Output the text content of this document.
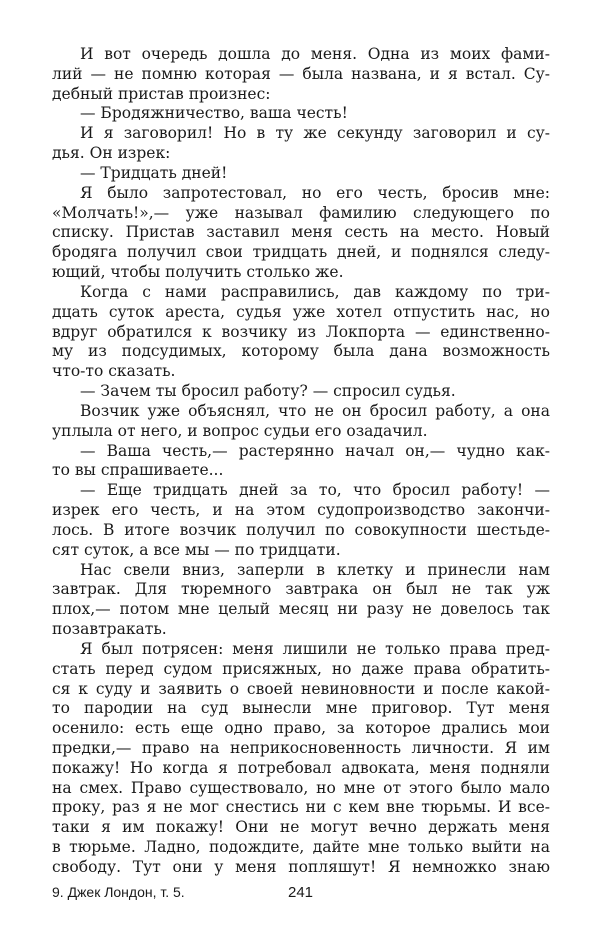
И вот очередь дошла до меня. Одна из моих фами-
лий — не помню которая — была названа, и я встал. Су-
дебный пристав произнес:
— Бродяжничество, ваша честь!
И я заговорил! Но в ту же секунду заговорил и су-
дья. Он изрек:
— Тридцать дней!
Я было запротестовал, но его честь, бросив мне:
«Молчать!»,— уже называл фамилию следующего по
списку. Пристав заставил меня сесть на место. Новый
бродяга получил свои тридцать дней, и поднялся следу-
ющий, чтобы получить столько же.
Когда с нами расправились, дав каждому по три-
дцать суток ареста, судья уже хотел отпустить нас, но
вдруг обратился к возчику из Локпорта — единственно-
му из подсудимых, которому была дана возможность
что-то сказать.
— Зачем ты бросил работу? — спросил судья.
Возчик уже объяснял, что не он бросил работу, а она
уплыла от него, и вопрос судьи его озадачил.
— Ваша честь,— растерянно начал он,— чудно как-
то вы спрашиваете...
— Еще тридцать дней за то, что бросил работу! —
изрек его честь, и на этом судопроизводство закончи-
лось. В итоге возчик получил по совокупности шестьде-
сят суток, а все мы — по тридцати.
Нас свели вниз, заперли в клетку и принесли нам
завтрак. Для тюремного завтрака он был не так уж
плох,— потом мне целый месяц ни разу не довелось так
позавтракать.
Я был потрясен: меня лишили не только права пред-
стать перед судом присяжных, но даже права обратить-
ся к суду и заявить о своей невиновности и после какой-
то пародии на суд вынесли мне приговор. Тут меня
осенило: есть еще одно право, за которое дрались мои
предки,— право на неприкосновенность личности. Я им
покажу! Но когда я потребовал адвоката, меня подняли
на смех. Право существовало, но мне от этого было мало
проку, раз я не мог снестись ни с кем вне тюрьмы. И все-
таки я им покажу! Они не могут вечно держать меня
в тюрьме. Ладно, подождите, дайте мне только выйти на
свободу. Тут они у меня попляшут! Я немножко знаю
9. Джек Лондон, т. 5.	241
